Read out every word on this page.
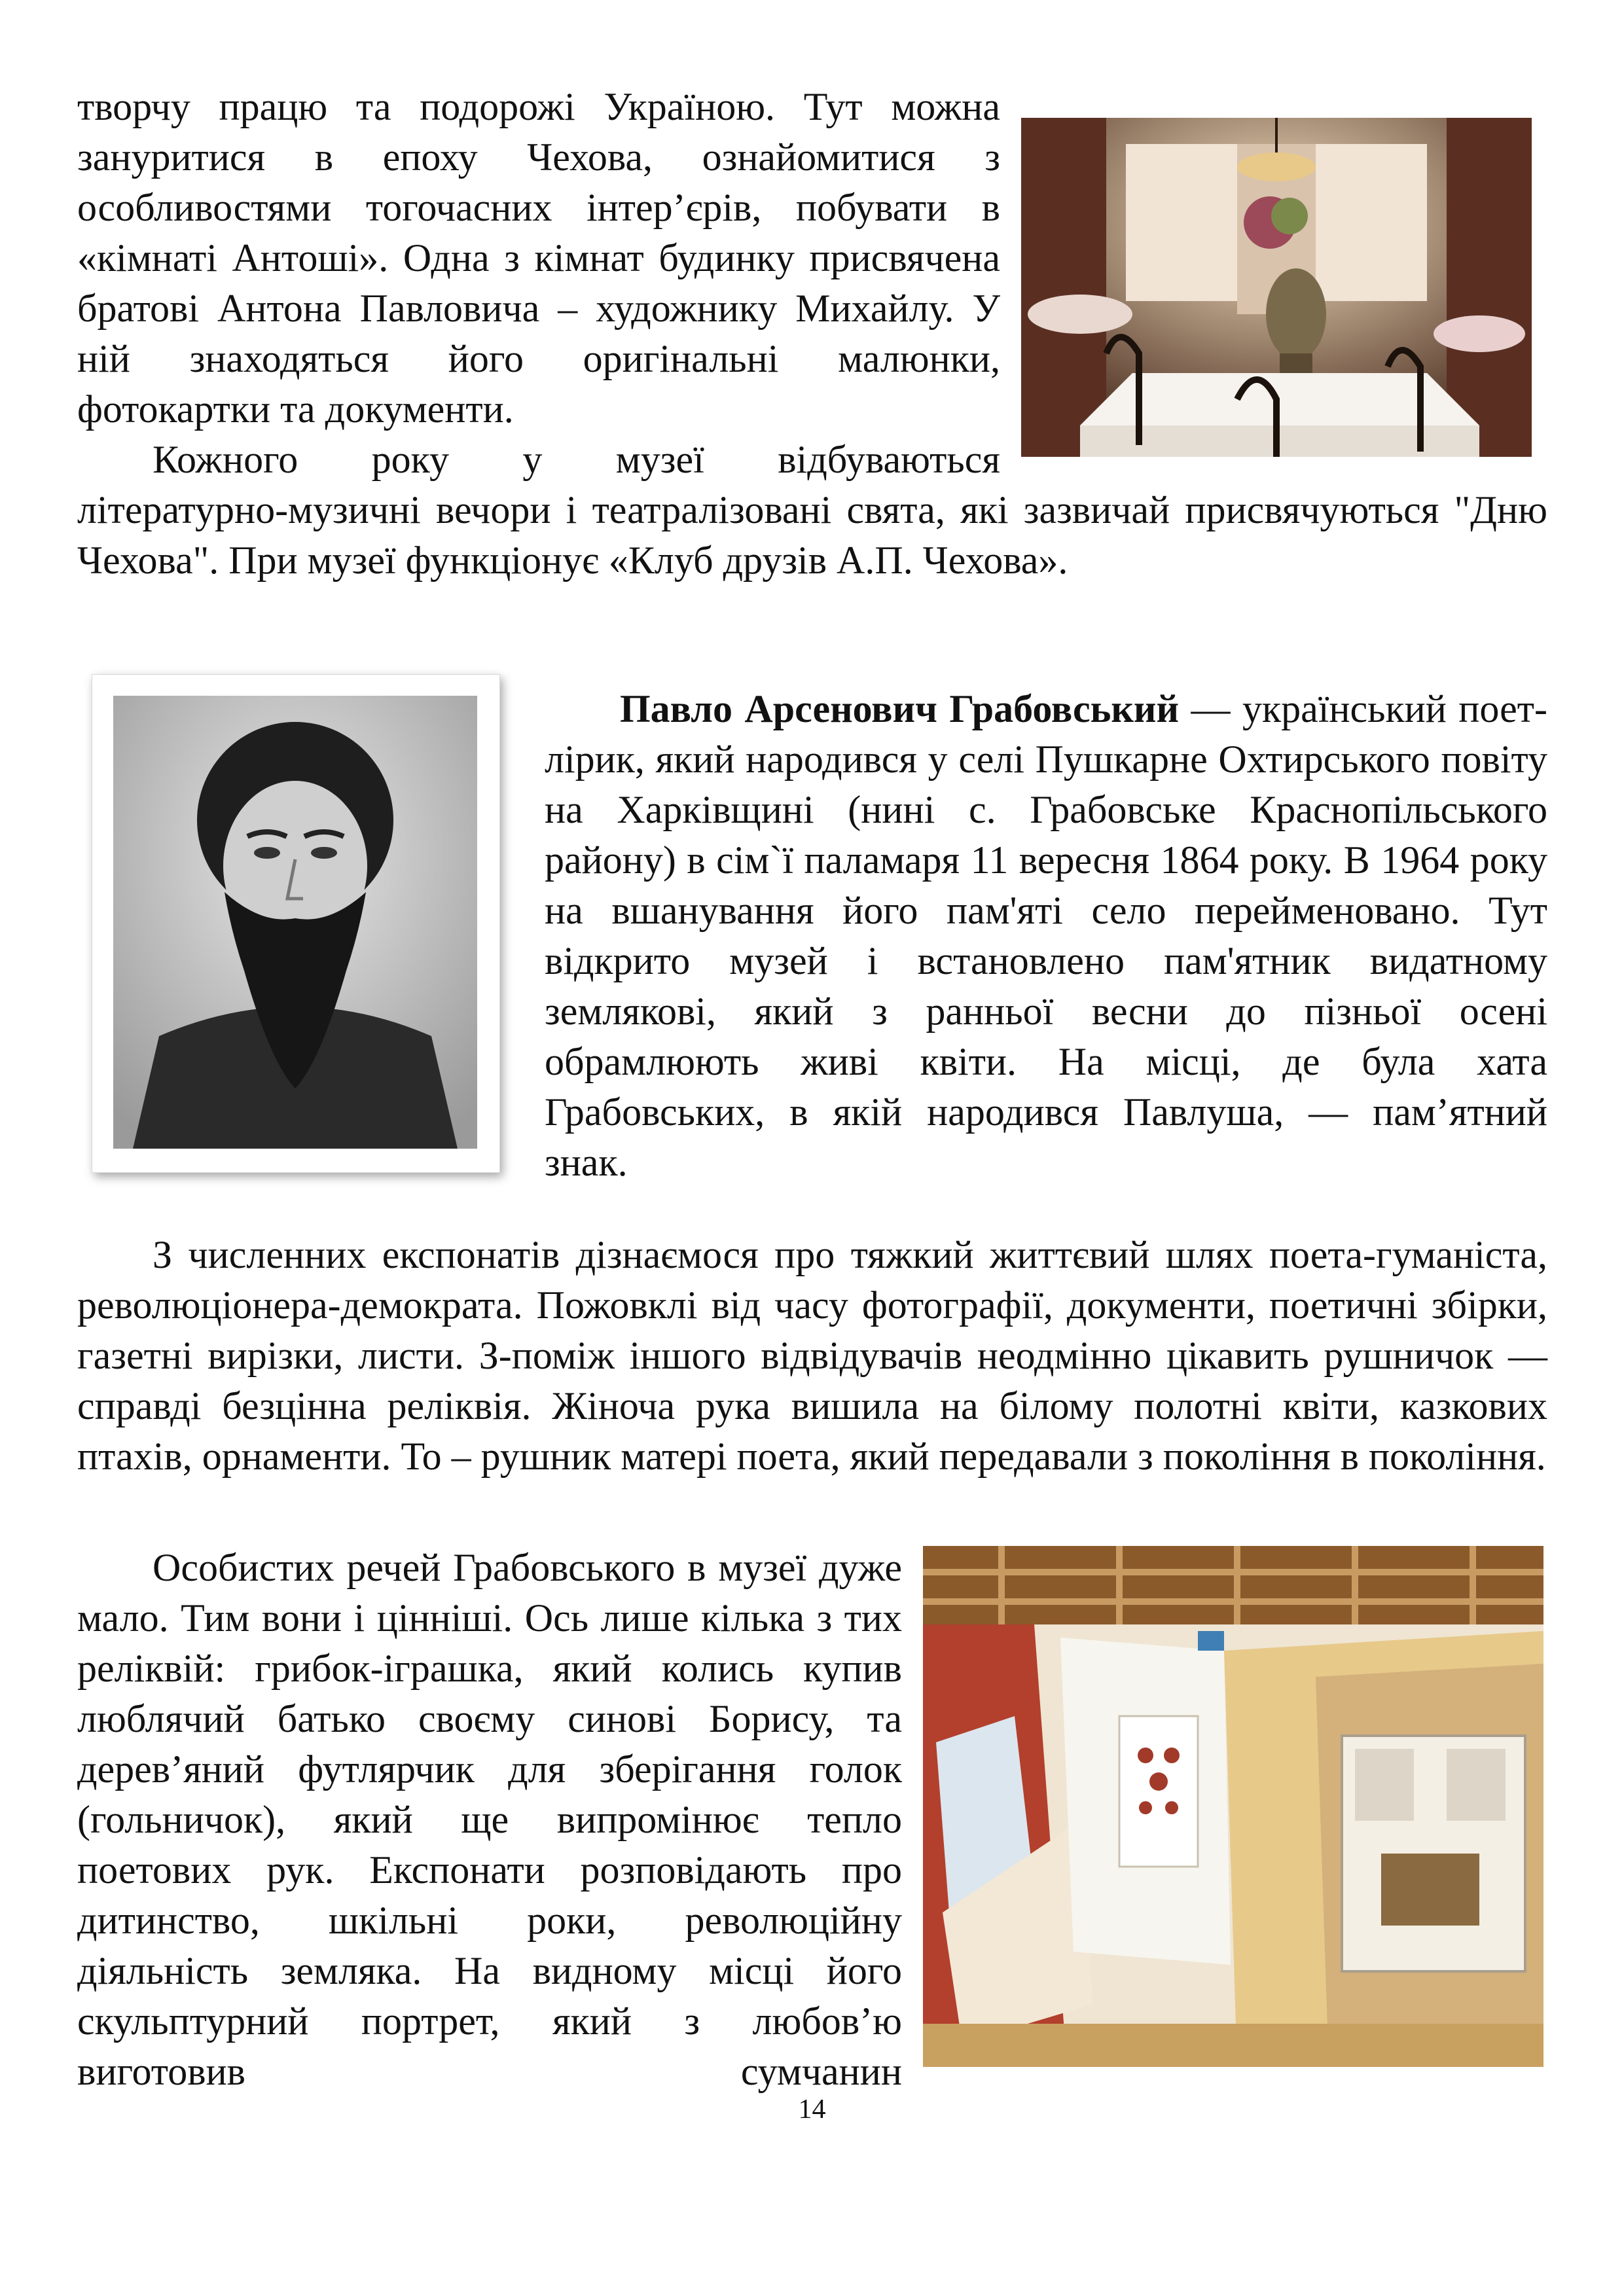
творчу працю та подорожі Україною. Тут можна зануритися в епоху Чехова, ознайомитися з особливостями тогочасних інтер’єрів, побувати в «кімнаті Антоші». Одна з кімнат будинку присвячена братові Антона Павловича – художнику Михайлу. У ній знаходяться його оригінальні малюнки, фотокартки та документи.

Кожного року у музеї відбуваються

літературно-музичні вечори і театралізовані свята, які зазвичай присвячуються "Дню Чехова". При музеї функціонує «Клуб друзів А.П. Чехова».

Павло Арсенович Грабовський — український поет-лірик, який народився у селі Пушкарне Охтирського повіту на Харківщині (нині с. Грабовське Краснопільського району) в сім`ї паламаря 11 вересня 1864 року. В 1964 року на вшанування його пам'яті село перейменовано. Тут відкрито музей і встановлено пам'ятник видатному землякові, який з ранньої весни до пізньої осені обрамлюють живі квіти. На місці, де була хата Грабовських, в якій народився Павлуша, — пам’ятний знак.

З численних експонатів дізнаємося про тяжкий життєвий шлях поета-гуманіста, революціонера-демократа. Пожовклі від часу фотографії, документи, поетичні збірки, газетні вирізки, листи. З-поміж іншого відвідувачів неодмінно цікавить рушничок — справді безцінна реліквія. Жіноча рука вишила на білому полотні квіти, казкових птахів, орнаменти. То – рушник матері поета, який передавали з покоління в покоління.

Особистих речей Грабовського в музеї дуже мало. Тим вони і цінніші. Ось лише кілька з тих реліквій: грибок-іграшка, який колись купив люблячий батько своєму синові Борису, та дерев’яний футлярчик для зберігання голок (гольничок), який ще випромінює тепло поетових рук. Експонати розповідають про дитинство, шкільні роки, революційну діяльність земляка. На видному місці його скульптурний портрет, який з любов’ю виготовив сумчанин

14
